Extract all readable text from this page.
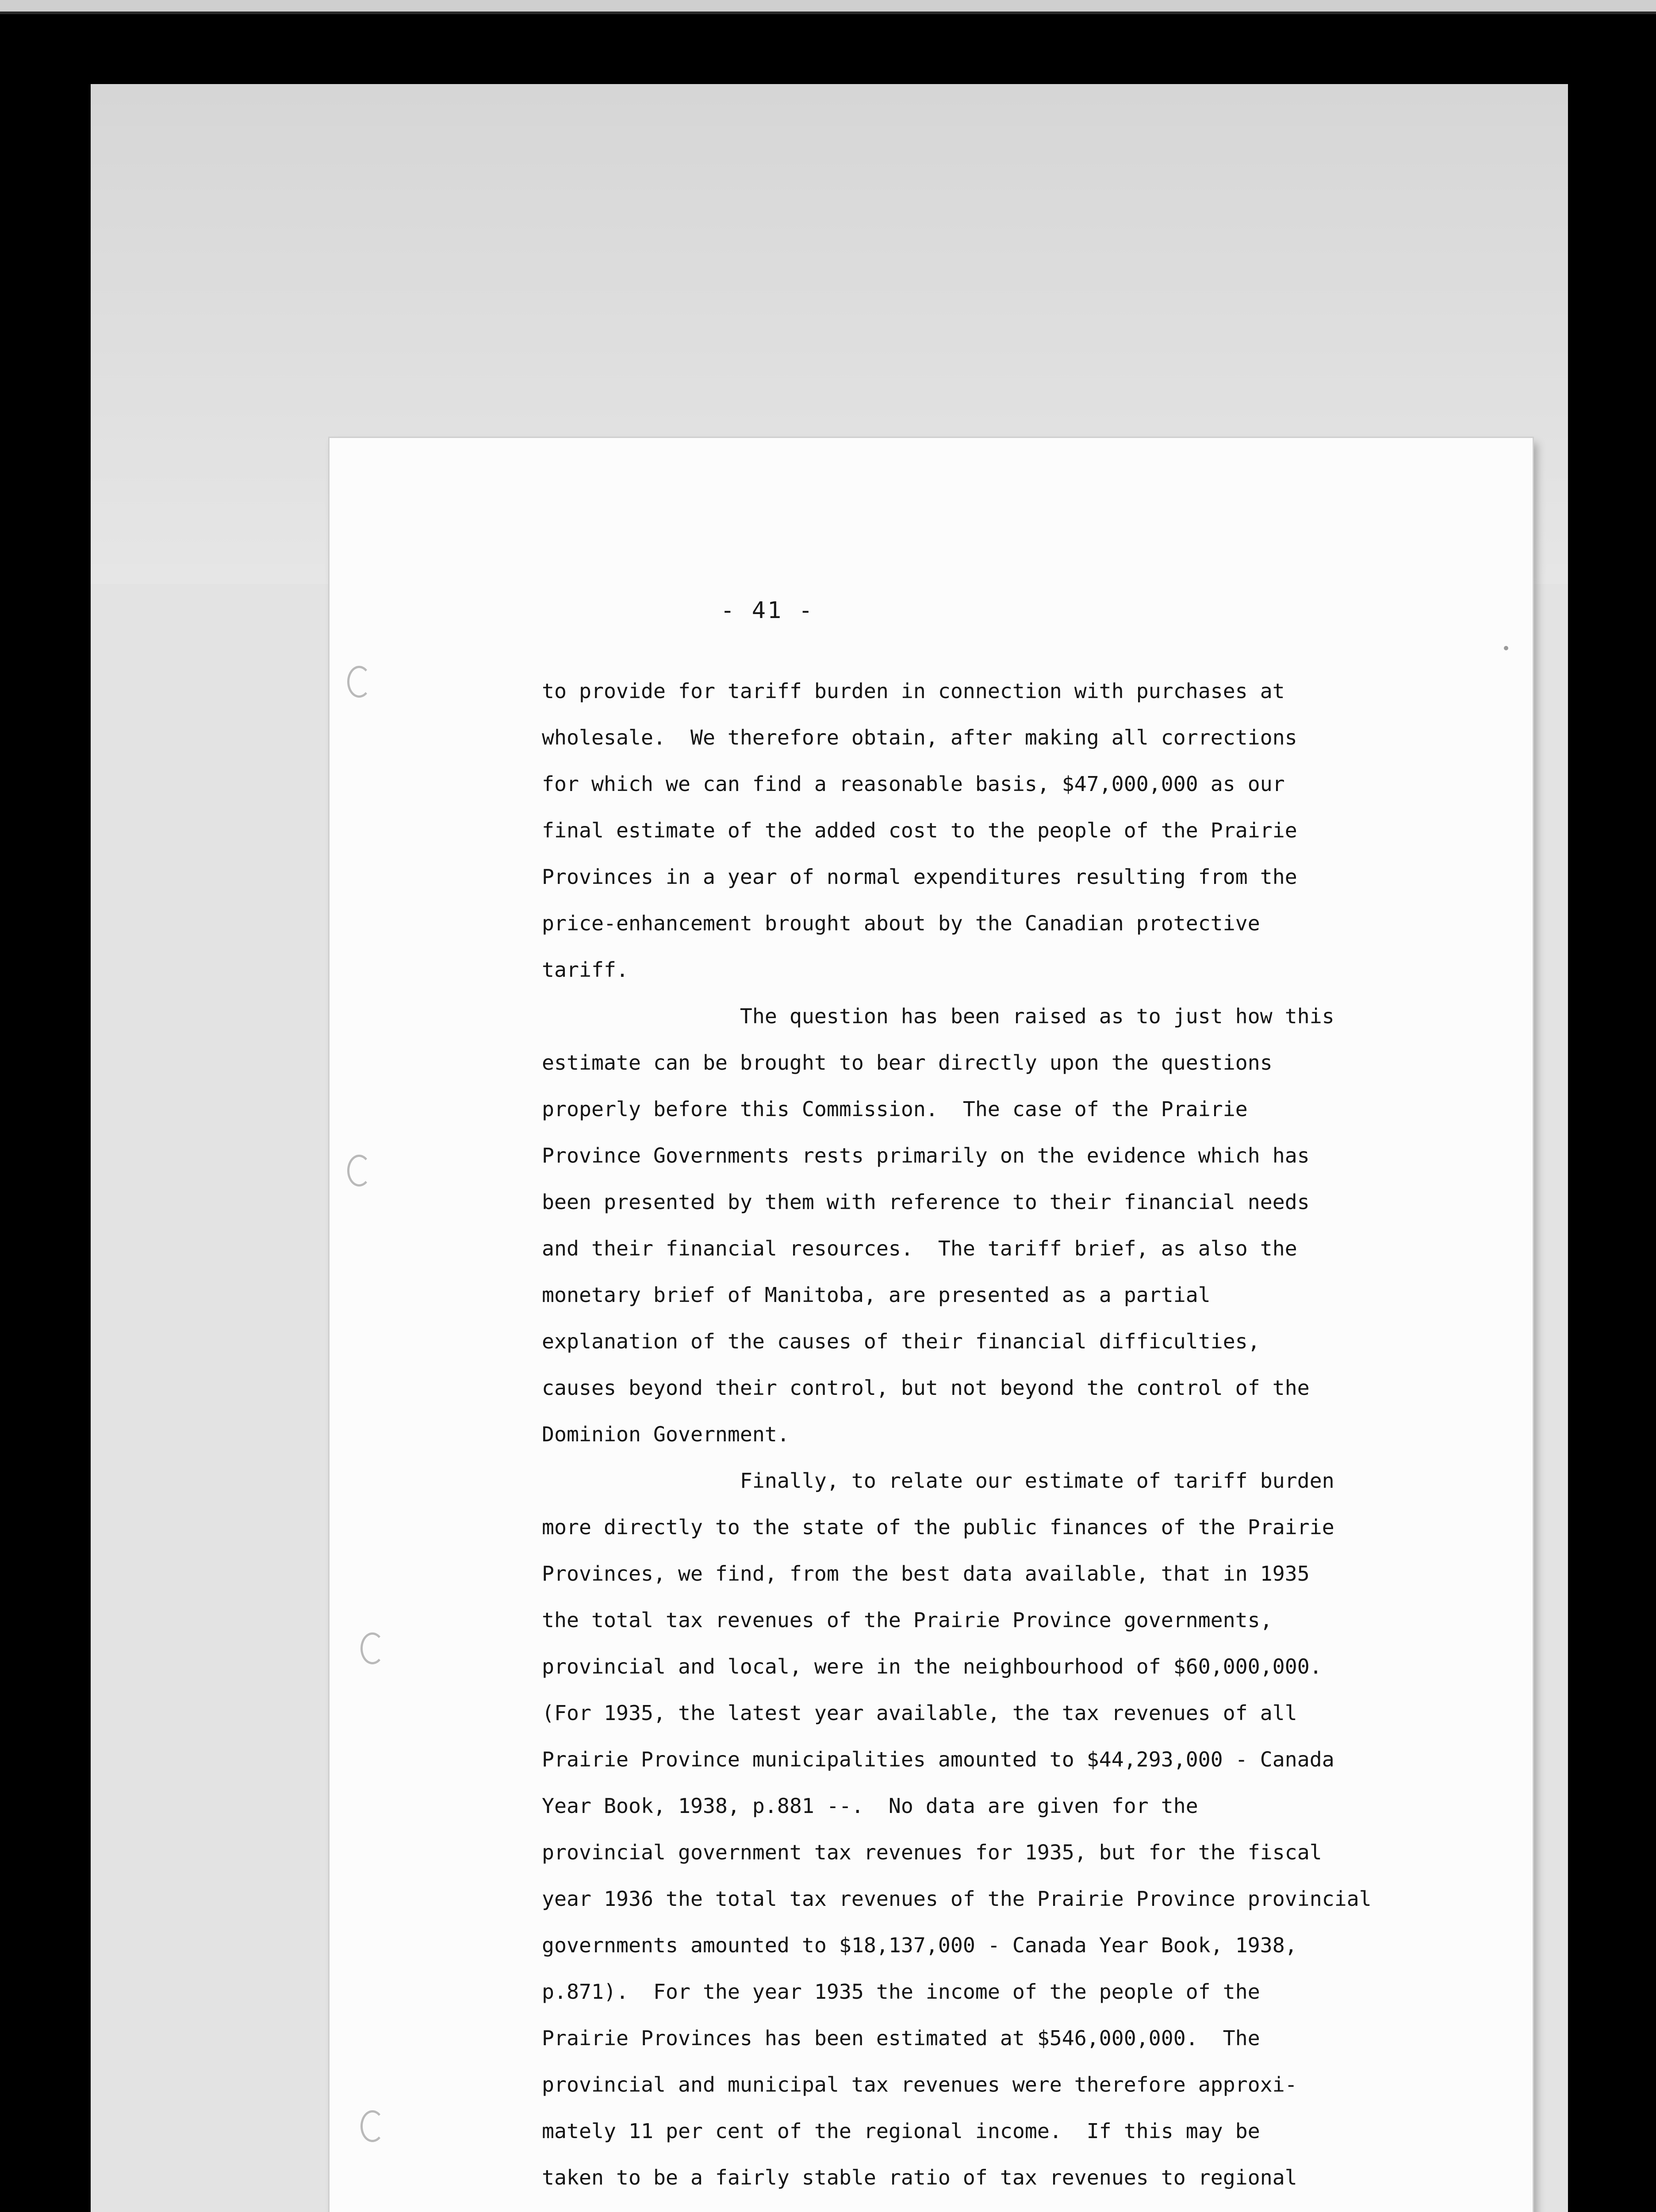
- 41 -
to provide for tariff burden in connection with purchases at
wholesale.  We therefore obtain, after making all corrections
for which we can find a reasonable basis, $47,000,000 as our
final estimate of the added cost to the people of the Prairie
Provinces in a year of normal expenditures resulting from the
price-enhancement brought about by the Canadian protective
tariff.
The question has been raised as to just how this
estimate can be brought to bear directly upon the questions
properly before this Commission.  The case of the Prairie
Province Governments rests primarily on the evidence which has
been presented by them with reference to their financial needs
and their financial resources.  The tariff brief, as also the
monetary brief of Manitoba, are presented as a partial
explanation of the causes of their financial difficulties,
causes beyond their control, but not beyond the control of the
Dominion Government.
Finally, to relate our estimate of tariff burden
more directly to the state of the public finances of the Prairie
Provinces, we find, from the best data available, that in 1935
the total tax revenues of the Prairie Province governments,
provincial and local, were in the neighbourhood of $60,000,000.
(For 1935, the latest year available, the tax revenues of all
Prairie Province municipalities amounted to $44,293,000 - Canada
Year Book, 1938, p.881 --.  No data are given for the
provincial government tax revenues for 1935, but for the fiscal
year 1936 the total tax revenues of the Prairie Province provincial
governments amounted to $18,137,000 - Canada Year Book, 1938,
p.871).  For the year 1935 the income of the people of the
Prairie Provinces has been estimated at $546,000,000.  The
provincial and municipal tax revenues were therefore approxi-
mately 11 per cent of the regional income.  If this may be
taken to be a fairly stable ratio of tax revenues to regional
